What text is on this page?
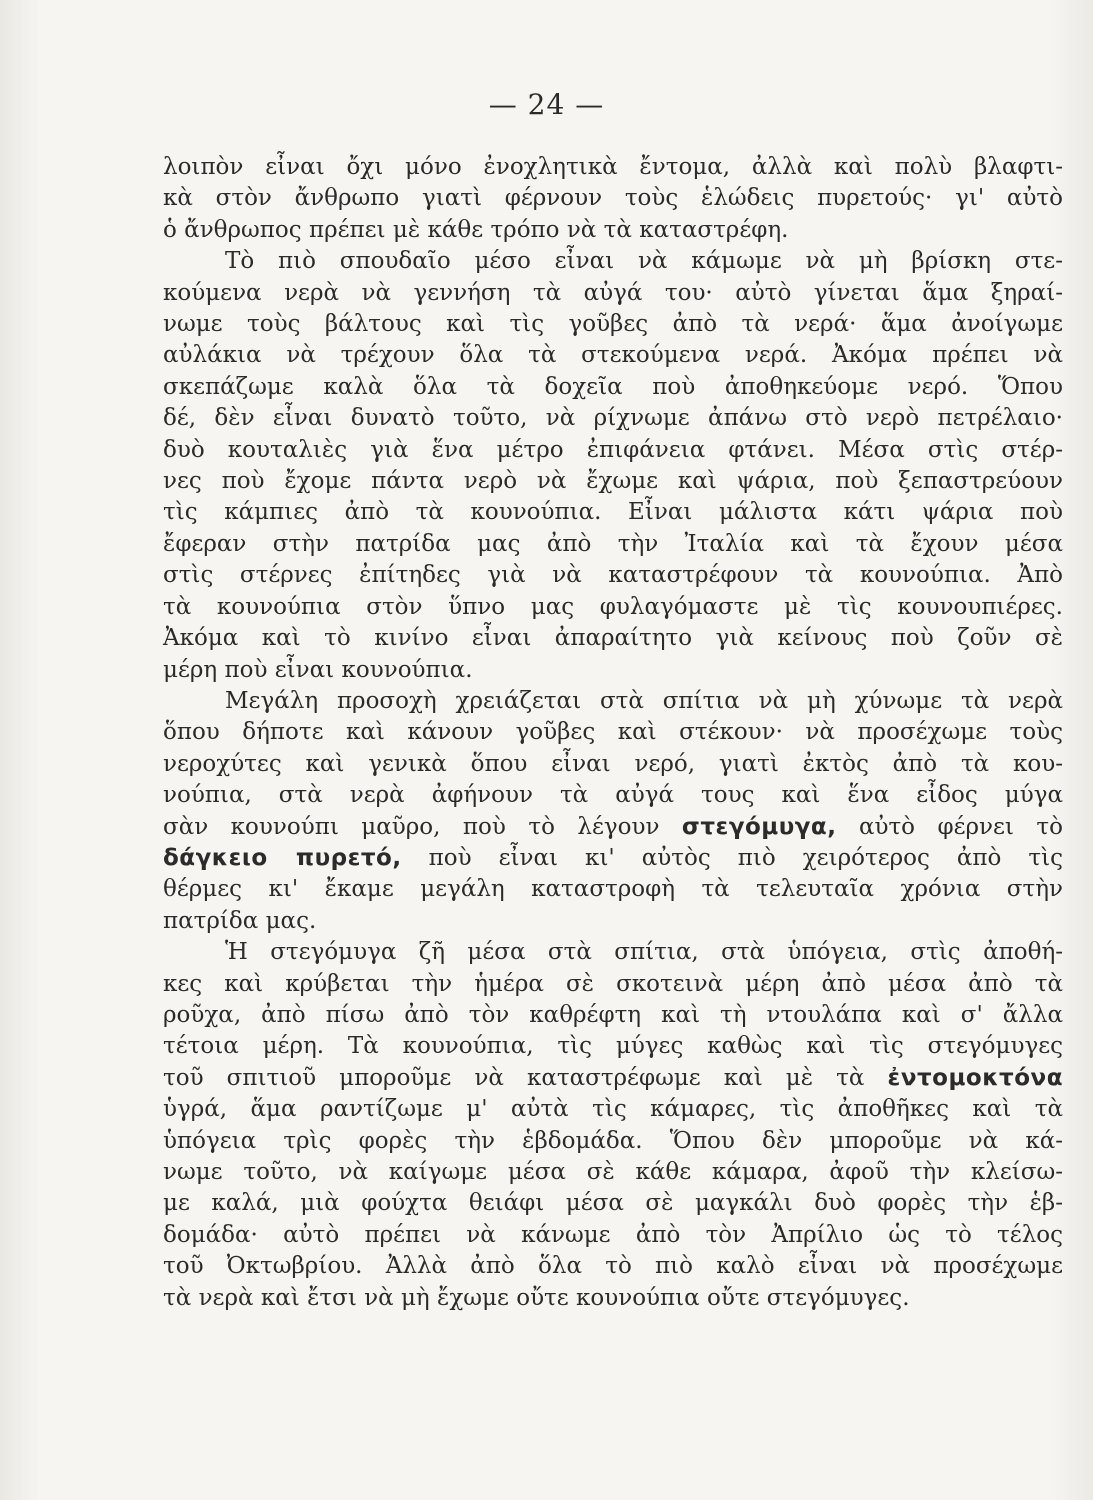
— 24 —

λοιπὸν εἶναι ὄχι μόνο ἐνοχλητικὰ ἔντομα, ἀλλὰ καὶ πολὺ βλαφτι-
κὰ στὸν ἄνθρωπο γιατὶ φέρνουν τοὺς ἑλώδεις πυρετούς· γι' αὐτὸ
ὁ ἄνθρωπος πρέπει μὲ κάθε τρόπο νὰ τὰ καταστρέφη.

Τὸ πιὸ σπουδαῖο μέσο εἶναι νὰ κάμωμε νὰ μὴ βρίσκη στε-
κούμενα νερὰ νὰ γεννήση τὰ αὐγά του· αὐτὸ γίνεται ἅμα ξηραί-
νωμε τοὺς βάλτους καὶ τὶς γοῦβες ἀπὸ τὰ νερά· ἅμα ἀνοίγωμε
αὐλάκια νὰ τρέχουν ὅλα τὰ στεκούμενα νερά. Ἀκόμα πρέπει νὰ
σκεπάζωμε καλὰ ὅλα τὰ δοχεῖα ποὺ ἀποθηκεύομε νερό. Ὅπου
δέ, δὲν εἶναι δυνατὸ τοῦτο, νὰ ρίχνωμε ἀπάνω στὸ νερὸ πετρέλαιο·
δυὸ κουταλιὲς γιὰ ἕνα μέτρο ἐπιφάνεια φτάνει. Μέσα στὶς στέρ-
νες ποὺ ἔχομε πάντα νερὸ νὰ ἔχωμε καὶ ψάρια, ποὺ ξεπαστρεύουν
τὶς κάμπιες ἀπὸ τὰ κουνούπια. Εἶναι μάλιστα κάτι ψάρια ποὺ
ἔφεραν στὴν πατρίδα μας ἀπὸ τὴν Ἰταλία καὶ τὰ ἔχουν μέσα
στὶς στέρνες ἐπίτηδες γιὰ νὰ καταστρέφουν τὰ κουνούπια. Ἀπὸ
τὰ κουνούπια στὸν ὕπνο μας φυλαγόμαστε μὲ τὶς κουνουπιέρες.
Ἀκόμα καὶ τὸ κινίνο εἶναι ἀπαραίτητο γιὰ κείνους ποὺ ζοῦν σὲ
μέρη ποὺ εἶναι κουνούπια.

Μεγάλη προσοχὴ χρειάζεται στὰ σπίτια νὰ μὴ χύνωμε τὰ νερὰ
ὅπου δήποτε καὶ κάνουν γοῦβες καὶ στέκουν· νὰ προσέχωμε τοὺς
νεροχύτες καὶ γενικὰ ὅπου εἶναι νερό, γιατὶ ἐκτὸς ἀπὸ τὰ κου-
νούπια, στὰ νερὰ ἀφήνουν τὰ αὐγά τους καὶ ἕνα εἶδος μύγα
σὰν κουνούπι μαῦρο, ποὺ τὸ λέγουν στεγόμυγα, αὐτὸ φέρνει τὸ
δάγκειο πυρετό, ποὺ εἶναι κι' αὐτὸς πιὸ χειρότερος ἀπὸ τὶς
θέρμες κι' ἔκαμε μεγάλη καταστροφὴ τὰ τελευταῖα χρόνια στὴν
πατρίδα μας.

Ἡ στεγόμυγα ζῆ μέσα στὰ σπίτια, στὰ ὑπόγεια, στὶς ἀποθή-
κες καὶ κρύβεται τὴν ἡμέρα σὲ σκοτεινὰ μέρη ἀπὸ μέσα ἀπὸ τὰ
ροῦχα, ἀπὸ πίσω ἀπὸ τὸν καθρέφτη καὶ τὴ ντουλάπα καὶ σ' ἄλλα
τέτοια μέρη. Τὰ κουνούπια, τὶς μύγες καθὼς καὶ τὶς στεγόμυγες
τοῦ σπιτιοῦ μποροῦμε νὰ καταστρέφωμε καὶ μὲ τὰ ἐντομοκτόνα
ὑγρά, ἅμα ραντίζωμε μ' αὐτὰ τὶς κάμαρες, τὶς ἀποθῆκες καὶ τὰ
ὑπόγεια τρὶς φορὲς τὴν ἑβδομάδα. Ὅπου δὲν μποροῦμε νὰ κά-
νωμε τοῦτο, νὰ καίγωμε μέσα σὲ κάθε κάμαρα, ἀφοῦ τὴν κλείσω-
με καλά, μιὰ φούχτα θειάφι μέσα σὲ μαγκάλι δυὸ φορὲς τὴν ἑβ-
δομάδα· αὐτὸ πρέπει νὰ κάνωμε ἀπὸ τὸν Ἀπρίλιο ὡς τὸ τέλος
τοῦ Ὀκτωβρίου. Ἀλλὰ ἀπὸ ὅλα τὸ πιὸ καλὸ εἶναι νὰ προσέχωμε
τὰ νερὰ καὶ ἔτσι νὰ μὴ ἔχωμε οὔτε κουνούπια οὔτε στεγόμυγες.
